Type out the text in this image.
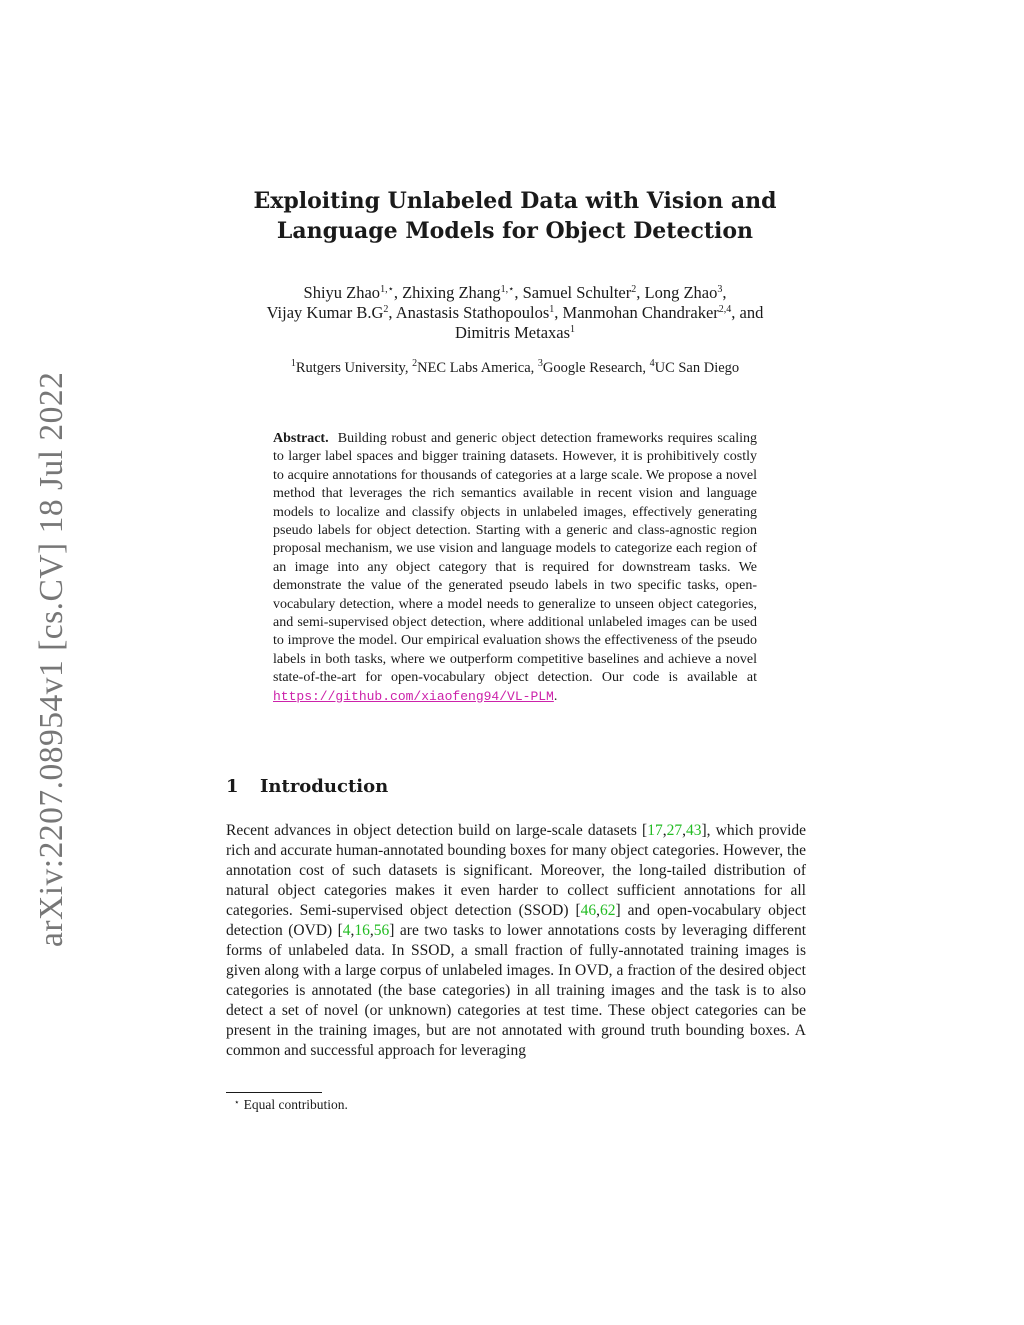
arXiv:2207.08954v1 [cs.CV] 18 Jul 2022
Exploiting Unlabeled Data with Vision and
Language Models for Object Detection
Shiyu Zhao$^{1,⋆}$, Zhixing Zhang$^{1,⋆}$, Samuel Schulter$^2$, Long Zhao$^3$,
Vijay Kumar $B.G^2$, Anastasis Stathopoulos$^1$, Manmohan Chandraker$^{2,4}$, and
Dimitris Metaxas$^1$
$^1$Rutgers University, $^2$NEC Labs America, $^3$Google Research, $^4$UC San Diego

Abstract. Building robust and generic object detection frameworks requires scaling to larger label spaces and bigger training datasets. However, it is prohibitively costly to acquire annotations for thousands of categories at a large scale. We propose a novel method that leverages the rich semantics available in recent vision and language models to localize and classify objects in unlabeled images, effectively generating pseudo labels for object detection. Starting with a generic and class-agnostic region proposal mechanism, we use vision and language models to categorize each region of an image into any object category that is required for downstream tasks. We demonstrate the value of the generated pseudo labels in two specific tasks, open-vocabulary detection, where a model needs to generalize to unseen object categories, and semi-supervised object detection, where additional unlabeled images can be used to improve the model. Our empirical evaluation shows the effectiveness of the pseudo labels in both tasks, where we outperform competitive baselines and achieve a novel state-of-the-art for open-vocabulary object detection. Our code is available at https://github.com/xiaofeng94/VL-PLM.

1 Introduction

Recent advances in object detection build on large-scale datasets [17,27,43], which provide rich and accurate human-annotated bounding boxes for many object categories. However, the annotation cost of such datasets is significant. Moreover, the long-tailed distribution of natural object categories makes it even harder to collect sufficient annotations for all categories. Semi-supervised object detection (SSOD) [46,62] and open-vocabulary object detection (OVD) [4,16,56] are two tasks to lower annotations costs by leveraging different forms of unlabeled data. In SSOD, a small fraction of fully-annotated training images is given along with a large corpus of unlabeled images. In OVD, a fraction of the desired object categories is annotated (the base categories) in all training images and the task is to also detect a set of novel (or unknown) categories at test time. These object categories can be present in the training images, but are not annotated with ground truth bounding boxes. A common and successful approach for leveraging

⋆ Equal contribution.
